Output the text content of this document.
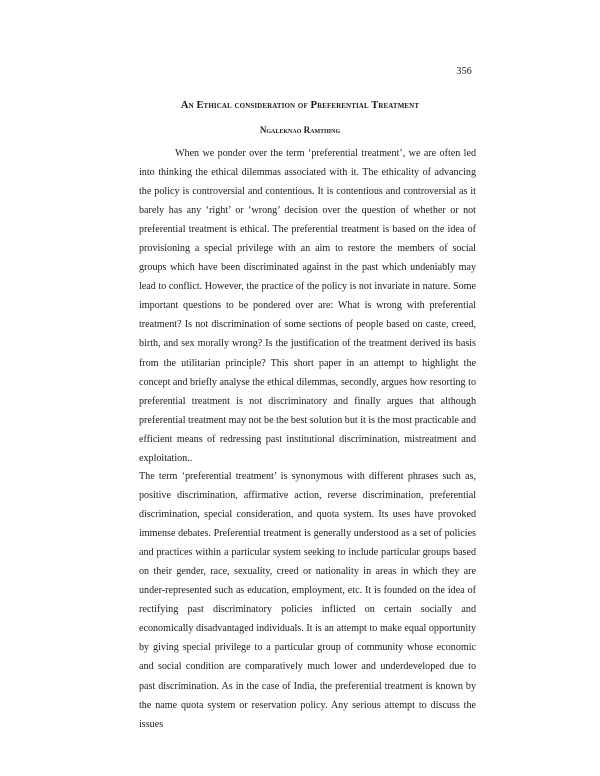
356
An Ethical consideration of Preferential Treatment
Ngaleknao Ramthing
When we ponder over the term ‘preferential treatment’, we are often led into thinking the ethical dilemmas associated with it. The ethicality of advancing the policy is controversial and contentious. It is contentious and controversial as it barely has any ‘right’ or ‘wrong’ decision over the question of whether or not preferential treatment is ethical. The preferential treatment is based on the idea of provisioning a special privilege with an aim to restore the members of social groups which have been discriminated against in the past which undeniably may lead to conflict. However, the practice of the policy is not invariate in nature. Some important questions to be pondered over are: What is wrong with preferential treatment? Is not discrimination of some sections of people based on caste, creed, birth, and sex morally wrong? Is the justification of the treatment derived its basis from the utilitarian principle? This short paper in an attempt to highlight the concept and briefly analyse the ethical dilemmas, secondly, argues how resorting to preferential treatment is not discriminatory and finally argues that although preferential treatment may not be the best solution but it is the most practicable and efficient means of redressing past institutional discrimination, mistreatment and exploitation..
The term ‘preferential treatment’ is synonymous with different phrases such as, positive discrimination, affirmative action, reverse discrimination, preferential discrimination, special consideration, and quota system. Its uses have provoked immense debates. Preferential treatment is generally understood as a set of policies and practices within a particular system seeking to include particular groups based on their gender, race, sexuality, creed or nationality in areas in which they are under-represented such as education, employment, etc. It is founded on the idea of rectifying past discriminatory policies inflicted on certain socially and economically disadvantaged individuals. It is an attempt to make equal opportunity by giving special privilege to a particular group of community whose economic and social condition are comparatively much lower and underdeveloped due to past discrimination. As in the case of India, the preferential treatment is known by the name quota system or reservation policy. Any serious attempt to discuss the issues
